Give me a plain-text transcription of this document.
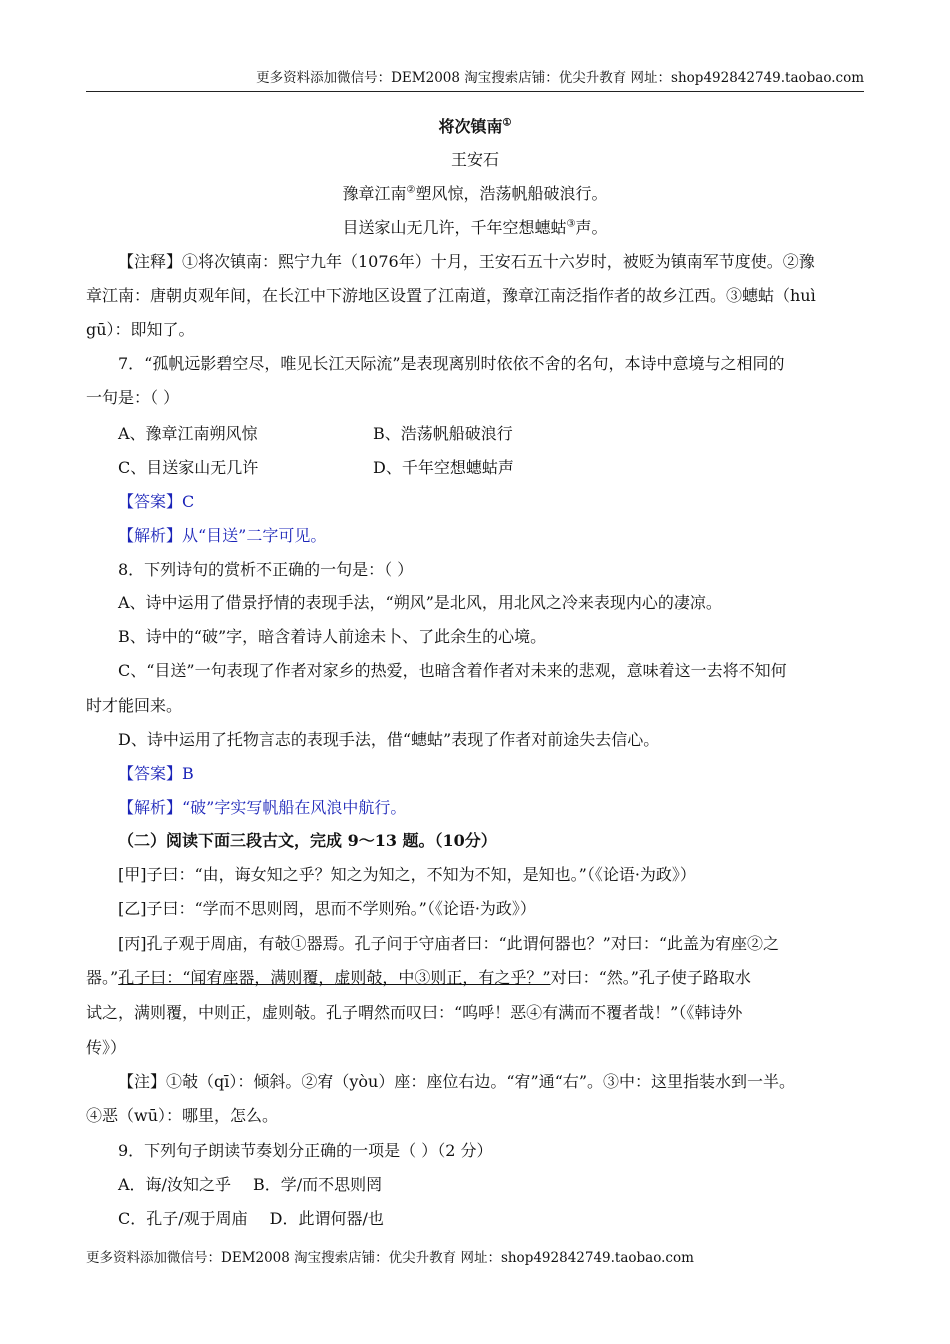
更多资料添加微信号：DEM2008 淘宝搜索店铺：优尖升教育 网址：shop492842749.taobao.com
将次镇南①
王安石
豫章江南②塑风惊，浩荡帆船破浪行。
目送家山无几许，千年空想蟪蛄③声。
【注释】①将次镇南：熙宁九年（1076年）十月，王安石五十六岁时，被贬为镇南军节度使。②豫
章江南：唐朝贞观年间，在长江中下游地区设置了江南道，豫章江南泛指作者的故乡江西。③蟪蛄（huì
gū）：即知了。
7．“孤帆远影碧空尽，唯见长江天际流”是表现离别时依依不舍的名句，本诗中意境与之相同的
一句是：（ ）
A、豫章江南朔风惊	B、浩荡帆船破浪行
C、目送家山无几许	D、千年空想蟪蛄声
【答案】C
【解析】从“目送”二字可见。
8．下列诗句的赏析不正确的一句是：（ ）
A、诗中运用了借景抒情的表现手法，“朔风”是北风，用北风之冷来表现内心的凄凉。
B、诗中的“破”字，暗含着诗人前途未卜、了此余生的心境。
C、“目送”一句表现了作者对家乡的热爱，也暗含着作者对未来的悲观，意味着这一去将不知何
时才能回来。
D、诗中运用了托物言志的表现手法，借“蟪蛄”表现了作者对前途失去信心。
【答案】B
【解析】“破”字实写帆船在风浪中航行。
（二）阅读下面三段古文，完成 9～13 题。（10分）
[甲]子曰：“由，诲女知之乎？知之为知之，不知为不知，是知也。”（《论语·为政》）
[乙]子曰：“学而不思则罔，思而不学则殆。”（《论语·为政》）
[丙]孔子观于周庙，有攲①器焉。孔子问于守庙者曰：“此谓何器也？”对曰：“此盖为宥座②之
器。”孔子曰：“闻宥座器，满则覆，虚则攲，中③则正，有之乎？”对曰：“然。”孔子使子路取水
试之，满则覆，中则正，虚则攲。孔子喟然而叹曰：“呜呼！恶④有满而不覆者哉！”（《韩诗外
传》）
【注】①攲（qī）：倾斜。②宥（yòu）座：座位右边。“宥”通“右”。③中：这里指装水到一半。
④恶（wū）：哪里，怎么。
9．下列句子朗读节奏划分正确的一项是（ ）（2 分）
A．诲/汝知之乎 B．学/而不思则罔
C．孔子/观于周庙 D．此谓何器/也
更多资料添加微信号：DEM2008 淘宝搜索店铺：优尖升教育 网址：shop492842749.taobao.com
